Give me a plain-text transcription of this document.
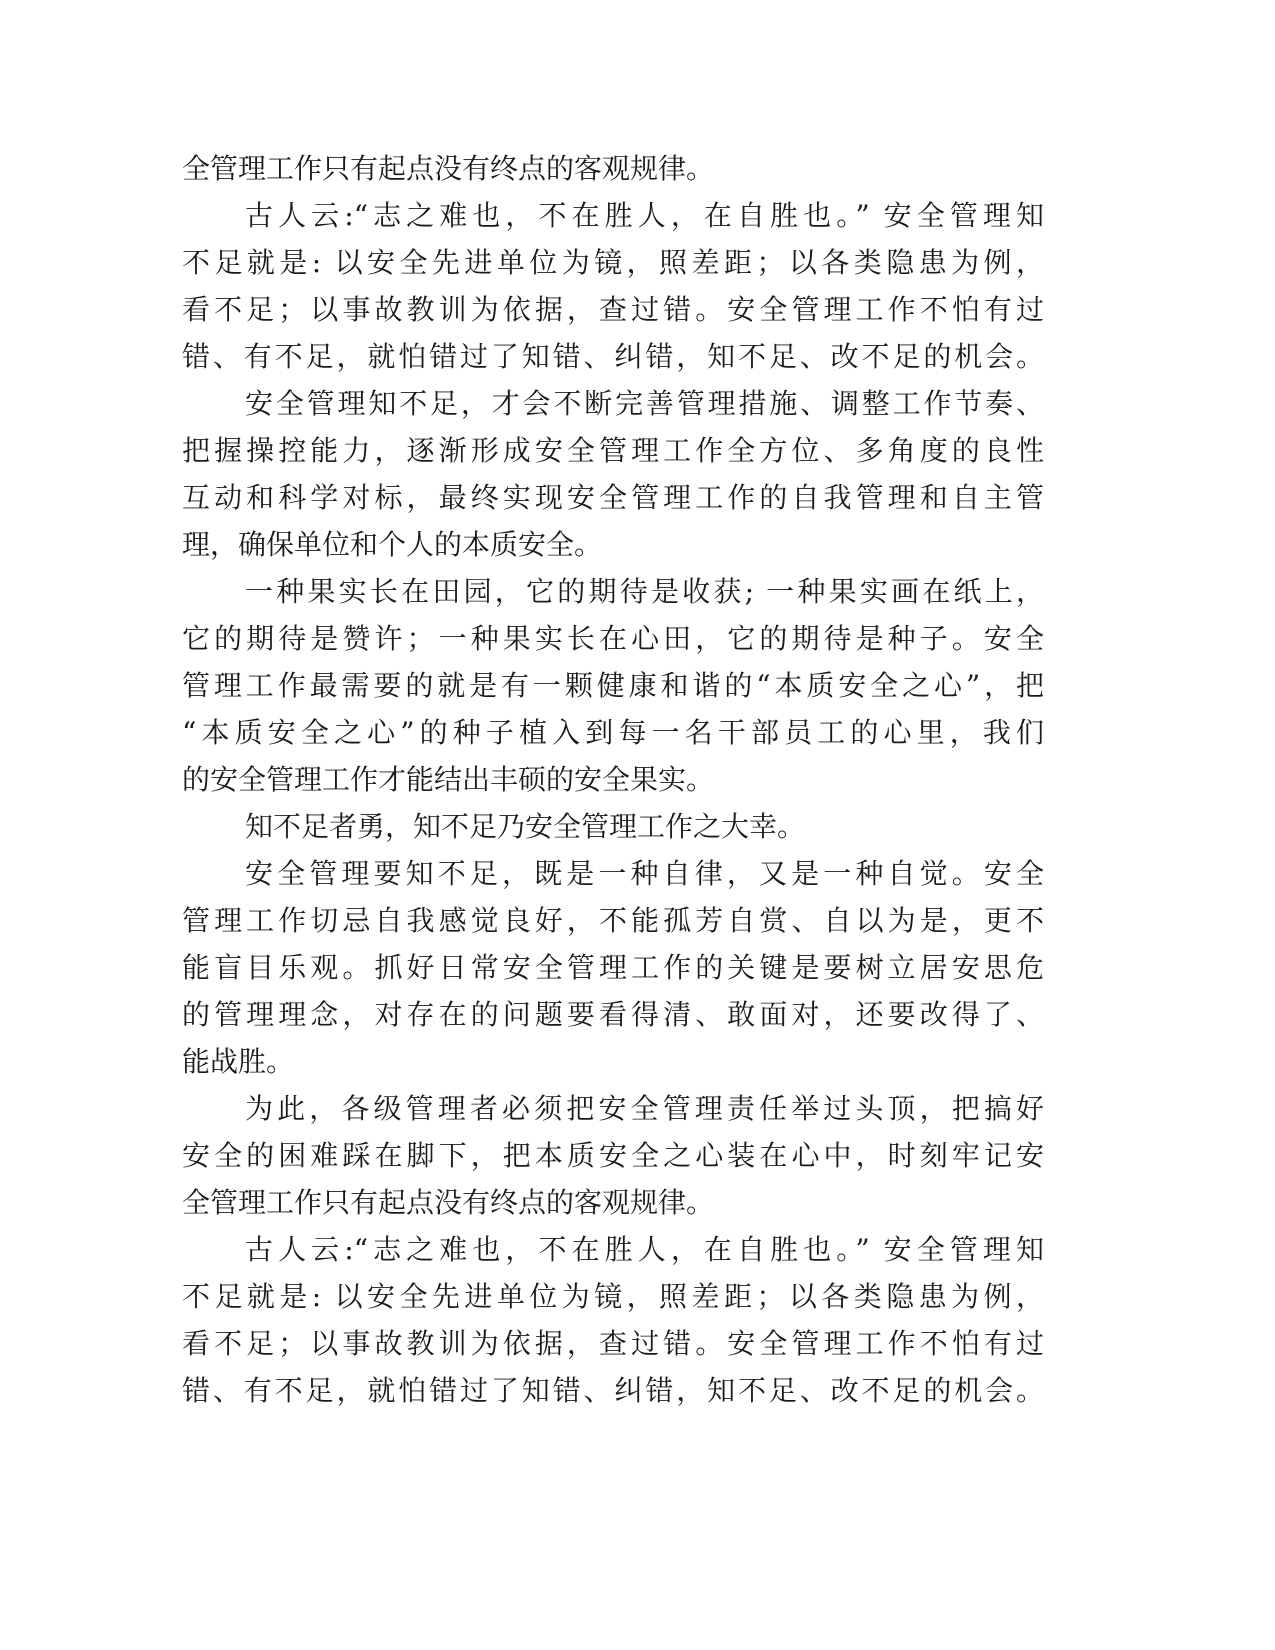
全管理工作只有起点没有终点的客观规律。
古人云:“志之难也，不在胜人，在自胜也。” 安全管理知
不足就是: 以安全先进单位为镜，照差距；以各类隐患为例，
看不足；以事故教训为依据，查过错。安全管理工作不怕有过
错、有不足，就怕错过了知错、纠错，知不足、改不足的机会。
安全管理知不足，才会不断完善管理措施、调整工作节奏、
把握操控能力，逐渐形成安全管理工作全方位、多角度的良性
互动和科学对标，最终实现安全管理工作的自我管理和自主管
理，确保单位和个人的本质安全。
一种果实长在田园，它的期待是收获; 一种果实画在纸上，
它的期待是赞许；一种果实长在心田，它的期待是种子。安全
管理工作最需要的就是有一颗健康和谐的“本质安全之心”，把
“本质安全之心”的种子植入到每一名干部员工的心里，我们
的安全管理工作才能结出丰硕的安全果实。
知不足者勇，知不足乃安全管理工作之大幸。
安全管理要知不足，既是一种自律，又是一种自觉。安全
管理工作切忌自我感觉良好，不能孤芳自赏、自以为是，更不
能盲目乐观。抓好日常安全管理工作的关键是要树立居安思危
的管理理念，对存在的问题要看得清、敢面对，还要改得了、
能战胜。
为此，各级管理者必须把安全管理责任举过头顶，把搞好
安全的困难踩在脚下，把本质安全之心装在心中，时刻牢记安
全管理工作只有起点没有终点的客观规律。
古人云:“志之难也，不在胜人，在自胜也。” 安全管理知
不足就是: 以安全先进单位为镜，照差距；以各类隐患为例，
看不足；以事故教训为依据，查过错。安全管理工作不怕有过
错、有不足，就怕错过了知错、纠错，知不足、改不足的机会。
